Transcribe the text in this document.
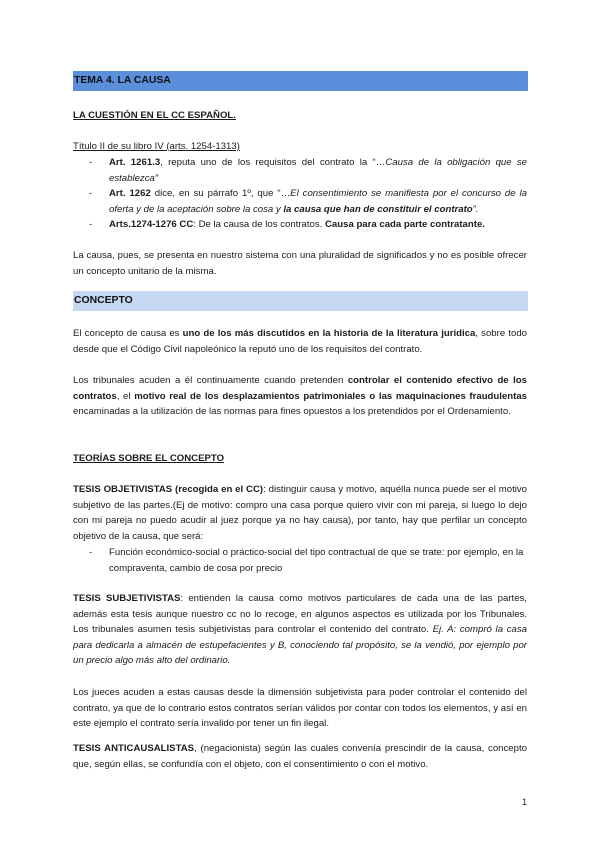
TEMA 4. LA CAUSA
LA CUESTIÓN EN EL CC ESPAÑOL.
Título II de su libro IV (arts. 1254-1313)
- Art. 1261.3, reputa uno de los requisitos del contrato la “…Causa de la obligación que se establezca”
- Art. 1262 dice, en su párrafo 1º, que “…El consentimiento se manifiesta por el concurso de la oferta y de la aceptación sobre la cosa y la causa que han de constituir el contrato”.
- Arts.1274-1276 CC: De la causa de los contratos. Causa para cada parte contratante.
La causa, pues, se presenta en nuestro sistema con una pluralidad de significados y no es posible ofrecer un concepto unitario de la misma.
CONCEPTO
El concepto de causa es uno de los más discutidos en la historia de la literatura jurídica, sobre todo desde que el Código Civil napoleónico la reputó uno de los requisitos del contrato.
Los tribunales acuden a él continuamente cuando pretenden controlar el contenido efectivo de los contratos, el motivo real de los desplazamientos patrimoniales o las maquinaciones fraudulentas encaminadas a la utilización de las normas para fines opuestos a los pretendidos por el Ordenamiento.
TEORÍAS SOBRE EL CONCEPTO
TESIS OBJETIVISTAS (recogida en el CC): distinguir causa y motivo, aquélla nunca puede ser el motivo subjetivo de las partes.(Ej de motivo: compro una casa porque quiero vivir con mi pareja, si luego lo dejo con mi pareja no puedo acudir al juez porque ya no hay causa), por tanto, hay que perfilar un concepto objetivo de la causa, que será:
- Función económico-social o práctico-social del tipo contractual de que se trate: por ejemplo, en la compraventa, cambio de cosa por precio
TESIS SUBJETIVISTAS: entienden la causa como motivos particulares de cada una de las partes, además esta tesis aunque nuestro cc no lo recoge, en algunos aspectos es utilizada por los Tribunales. Los tribunales asumen tesis subjetivistas para controlar el contenido del contrato. Ej. A: compró la casa para dedicarla a almacén de estupefacientes y B, conociendo tal propósito, se la vendió, por ejemplo por un precio algo más alto del ordinario.
Los jueces acuden a estas causas desde la dimensión subjetivista para poder controlar el contenido del contrato, ya que de lo contrario estos contratos serían válidos por contar con todos los elementos, y así en este ejemplo el contrato sería invalido por tener un fin ilegal.
TESIS ANTICAUSALISTAS, (negacionista) según las cuales convenía prescindir de la causa, concepto que, según ellas, se confundía con el objeto, con el consentimiento o con el motivo.
1
